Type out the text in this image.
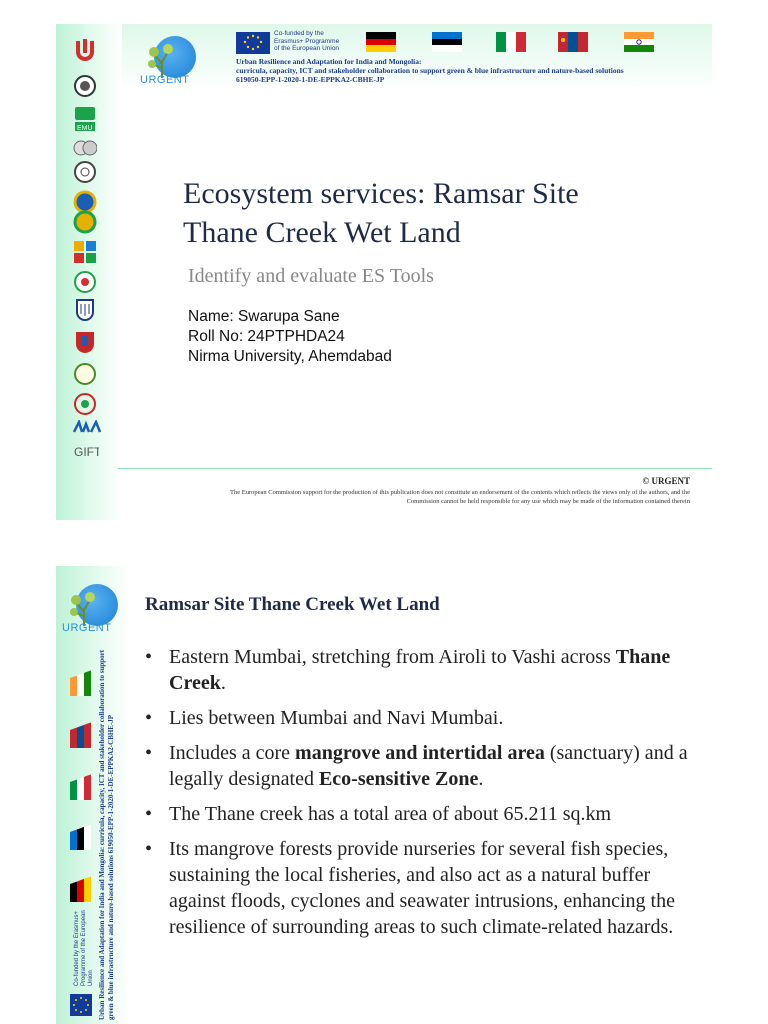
EMU
GIFT
URGENT
Co-funded by the
Erasmus+ Programme
of the European Union
Urban Resilience and Adaptation for India and Mongolia:
curricula, capacity, ICT and stakeholder collaboration to support green & blue infrastructure and nature-based solutions
619050-EPP-1-2020-1-DE-EPPKA2-CBHE-JP
Ecosystem services: Ramsar Site
Thane Creek Wet Land
Identify and evaluate ES Tools
Name: Swarupa Sane
Roll No: 24PTPHDA24
Nirma University, Ahemdabad
© URGENT
The European Commission support for the production of this publication does not constitute an endorsement of the contents which reflects the views only of the authors, and the Commission cannot be held responsible for any use which may be made of the information contained therein
URGENT
Co-funded by the Erasmus+ Programme of the European Union Urban Resilience and Adaptation for India and Mongolia: curricula, capacity, ICT and stakeholder collaboration to support green & blue infrastructure and nature-based solutions 619050-EPP-1-2020-1-DE-EPPKA2-CBHE-JP
Ramsar Site Thane Creek Wet Land
• Eastern Mumbai, stretching from Airoli to Vashi across Thane Creek.
• Lies between Mumbai and Navi Mumbai.
• Includes a core mangrove and intertidal area (sanctuary) and a legally designated Eco-sensitive Zone.
• The Thane creek has a total area of about 65.211 sq.km
• Its mangrove forests provide nurseries for several fish species, sustaining the local fisheries, and also act as a natural buffer against floods, cyclones and seawater intrusions, enhancing the resilience of surrounding areas to such climate-related hazards.
